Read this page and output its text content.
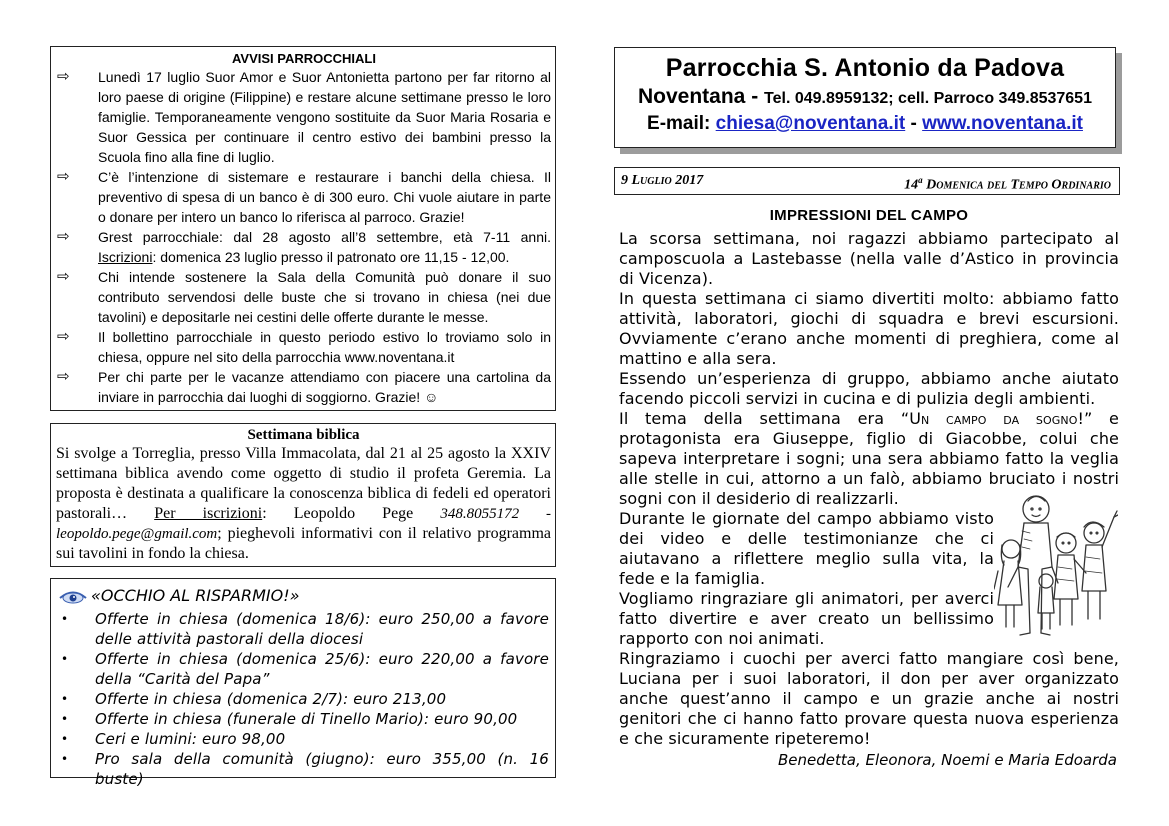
AVVISI PARROCCHIALI
⇨ Lunedì 17 luglio Suor Amor e Suor Antonietta partono per far ritorno al loro paese di origine (Filippine) e restare alcune settimane presso le loro famiglie. Temporaneamente vengono sostituite da Suor Maria Rosaria e Suor Gessica per continuare il centro estivo dei bambini presso la Scuola fino alla fine di luglio.
⇨ C’è l’intenzione di sistemare e restaurare i banchi della chiesa. Il preventivo di spesa di un banco è di 300 euro. Chi vuole aiutare in parte o donare per intero un banco lo riferisca al parroco. Grazie!
⇨ Grest parrocchiale: dal 28 agosto all’8 settembre, età 7-11 anni. Iscrizioni: domenica 23 luglio presso il patronato ore 11,15 - 12,00.
⇨ Chi intende sostenere la Sala della Comunità può donare il suo contributo servendosi delle buste che si trovano in chiesa (nei due tavolini) e depositarle nei cestini delle offerte durante le messe.
⇨ Il bollettino parrocchiale in questo periodo estivo lo troviamo solo in chiesa, oppure nel sito della parrocchia www.noventana.it
⇨ Per chi parte per le vacanze attendiamo con piacere una cartolina da inviare in parrocchia dai luoghi di soggiorno. Grazie! ☺
Settimana biblica
Si svolge a Torreglia, presso Villa Immacolata, dal 21 al 25 agosto la XXIV settimana biblica avendo come oggetto di studio il profeta Geremia. La proposta è destinata a qualificare la conoscenza biblica di fedeli ed operatori pastorali… Per iscrizioni: Leopoldo Pege 348.8055172 - leopoldo.pege@gmail.com; pieghevoli informativi con il relativo programma sui tavolini in fondo la chiesa.
«OCCHIO AL RISPARMIO!»
• Offerte in chiesa (domenica 18/6): euro 250,00 a favore delle attività pastorali della diocesi
• Offerte in chiesa (domenica 25/6): euro 220,00 a favore della “Carità del Papa”
• Offerte in chiesa (domenica 2/7): euro 213,00
• Offerte in chiesa (funerale di Tinello Mario): euro 90,00
• Ceri e lumini: euro 98,00
• Pro sala della comunità (giugno): euro 355,00 (n. 16 buste)
Parrocchia S. Antonio da Padova
Noventana - Tel. 049.8959132; cell. Parroco 349.8537651
E-mail: chiesa@noventana.it - www.noventana.it
9 Luglio 2017	14$^a$ Domenica del Tempo Ordinario
IMPRESSIONI DEL CAMPO
La scorsa settimana, noi ragazzi abbiamo partecipato al camposcuola a Lastebasse (nella valle d’Astico in provincia di Vicenza).
In questa settimana ci siamo divertiti molto: abbiamo fatto attività, laboratori, giochi di squadra e brevi escursioni. Ovviamente c’erano anche momenti di preghiera, come al mattino e alla sera.
Essendo un’esperienza di gruppo, abbiamo anche aiutato facendo piccoli servizi in cucina e di pulizia degli ambienti.
Il tema della settimana era “Un campo da sogno!” e protagonista era Giuseppe, figlio di Giacobbe, colui che sapeva interpretare i sogni; una sera abbiamo fatto la veglia alle stelle in cui, attorno a un falò, abbiamo bruciato i nostri sogni con il desiderio di realizzarli.
Durante le giornate del campo abbiamo visto dei video e delle testimonianze che ci aiutavano a riflettere meglio sulla vita, la fede e la famiglia.
Vogliamo ringraziare gli animatori, per averci fatto divertire e aver creato un bellissimo rapporto con noi animati.
Ringraziamo i cuochi per averci fatto mangiare così bene, Luciana per i suoi laboratori, il don per aver organizzato anche quest’anno il campo e un grazie anche ai nostri genitori che ci hanno fatto provare questa nuova esperienza e che sicuramente ripeteremo!
Benedetta, Eleonora, Noemi e Maria Edoarda
